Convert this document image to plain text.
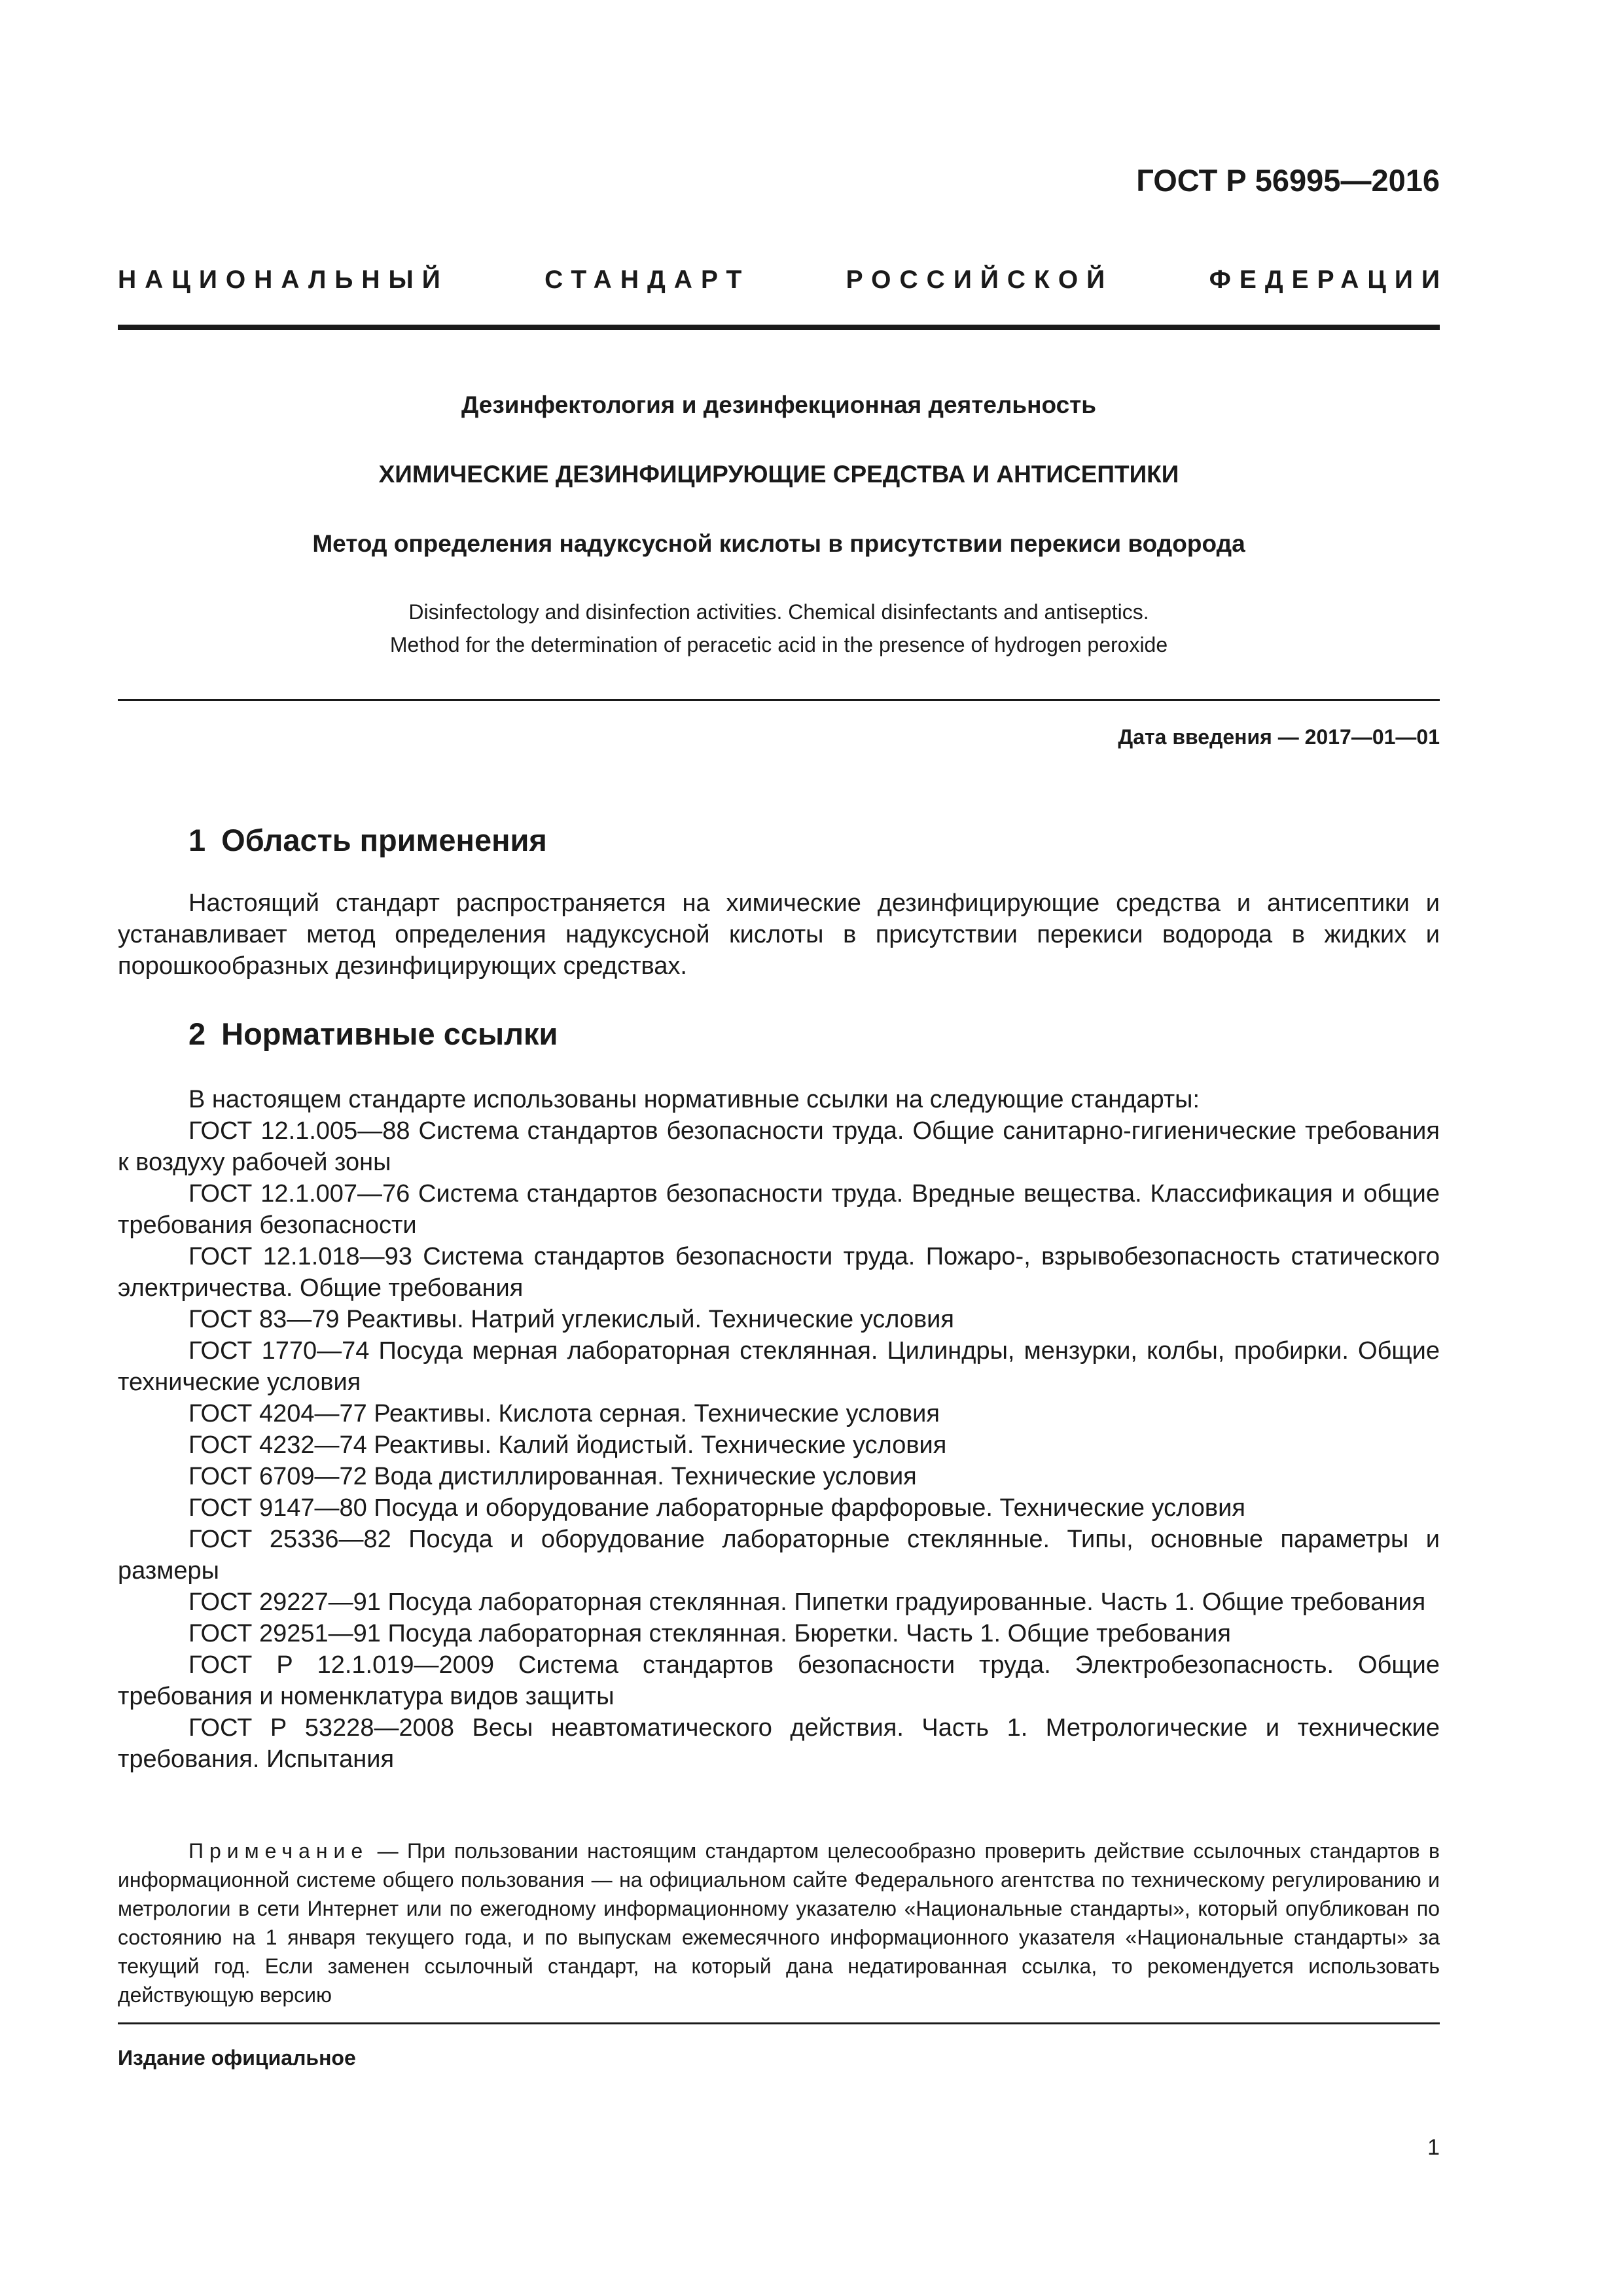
ГОСТ Р 56995—2016
НАЦИОНАЛЬНЫЙ	СТАНДАРТ	РОССИЙСКОЙ	ФЕДЕРАЦИИ
Дезинфектология и дезинфекционная деятельность
ХИМИЧЕСКИЕ ДЕЗИНФИЦИРУЮЩИЕ СРЕДСТВА И АНТИСЕПТИКИ
Метод определения надуксусной кислоты в присутствии перекиси водорода
Disinfectology and disinfection activities. Chemical disinfectants and antiseptics.
Method for the determination of peracetic acid in the presence of hydrogen peroxide
Дата введения — 2017—01—01
1 Область применения

Настоящий стандарт распространяется на химические дезинфицирующие средства и антисептики и устанавливает метод определения надуксусной кислоты в присутствии перекиси водорода в жидких и порошкообразных дезинфицирующих средствах.

2 Нормативные ссылки

В настоящем стандарте использованы нормативные ссылки на следующие стандарты:

ГОСТ 12.1.005—88 Система стандартов безопасности труда. Общие санитарно-гигиенические требования к воздуху рабочей зоны

ГОСТ 12.1.007—76 Система стандартов безопасности труда. Вредные вещества. Классификация и общие требования безопасности

ГОСТ 12.1.018—93 Система стандартов безопасности труда. Пожаро-, взрывобезопасность статического электричества. Общие требования

ГОСТ 83—79 Реактивы. Натрий углекислый. Технические условия

ГОСТ 1770—74 Посуда мерная лабораторная стеклянная. Цилиндры, мензурки, колбы, пробирки. Общие технические условия

ГОСТ 4204—77 Реактивы. Кислота серная. Технические условия

ГОСТ 4232—74 Реактивы. Калий йодистый. Технические условия

ГОСТ 6709—72 Вода дистиллированная. Технические условия

ГОСТ 9147—80 Посуда и оборудование лабораторные фарфоровые. Технические условия

ГОСТ 25336—82 Посуда и оборудование лабораторные стеклянные. Типы, основные параметры и размеры

ГОСТ 29227—91 Посуда лабораторная стеклянная. Пипетки градуированные. Часть 1. Общие требования

ГОСТ 29251—91 Посуда лабораторная стеклянная. Бюретки. Часть 1. Общие требования

ГОСТ Р 12.1.019—2009 Система стандартов безопасности труда. Электробезопасность. Общие требования и номенклатура видов защиты

ГОСТ Р 53228—2008 Весы неавтоматического действия. Часть 1. Метрологические и технические требования. Испытания

Примечание — При пользовании настоящим стандартом целесообразно проверить действие ссылочных стандартов в информационной системе общего пользования — на официальном сайте Федерального агентства по техническому регулированию и метрологии в сети Интернет или по ежегодному информационному указателю «Национальные стандарты», который опубликован по состоянию на 1 января текущего года, и по выпускам ежемесячного информационного указателя «Национальные стандарты» за текущий год. Если заменен ссылочный стандарт, на который дана недатированная ссылка, то рекомендуется использовать действующую версию
Издание официальное
1
